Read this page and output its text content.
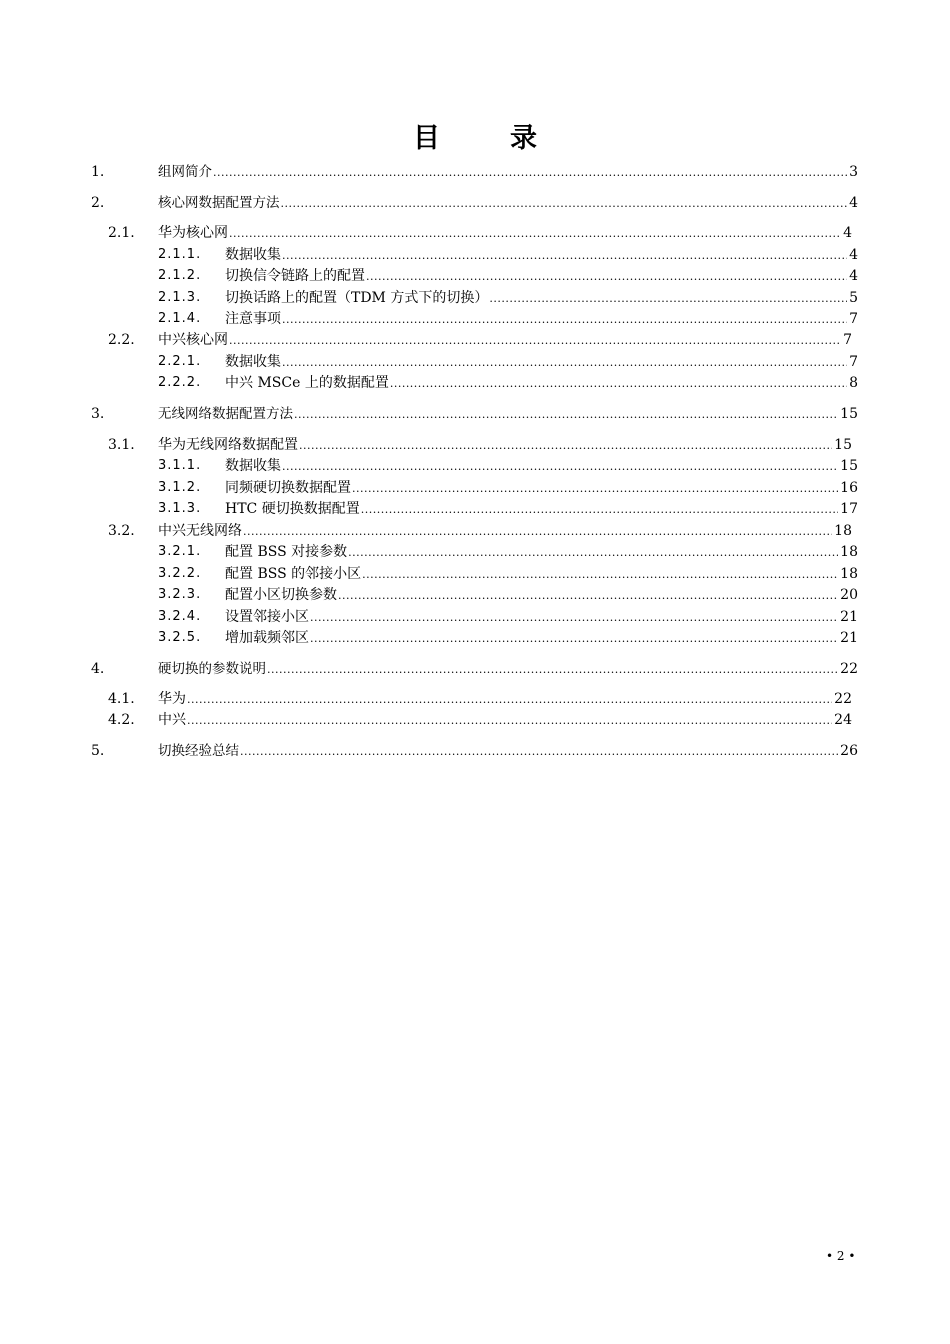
目	录
1.	组网简介 .....	3
2.	核心网数据配置方法 .....	4
2.1. 华为核心网 .....	4
2.1.1. 数据收集 .....	4
2.1.2. 切换信令链路上的配置 .....	4
2.1.3. 切换话路上的配置（TDM 方式下的切换） .....	5
2.1.4. 注意事项 .....	7
2.2. 中兴核心网 .....	7
2.2.1. 数据收集 .....	7
2.2.2. 中兴 MSCe 上的数据配置 .....	8
3.	无线网络数据配置方法 .....	15
3.1. 华为无线网络数据配置 .....	15
3.1.1. 数据收集 .....	15
3.1.2. 同频硬切换数据配置 .....	16
3.1.3. HTC 硬切换数据配置 .....	17
3.2. 中兴无线网络 .....	18
3.2.1. 配置 BSS 对接参数 .....	18
3.2.2. 配置 BSS 的邻接小区 .....	18
3.2.3. 配置小区切换参数 .....	20
3.2.4. 设置邻接小区 .....	21
3.2.5. 增加载频邻区 .....	21
4.	硬切换的参数说明 .....	22
4.1. 华为 .....	22
4.2. 中兴 .....	24
5.	切换经验总结 .....	26
• 2 •
